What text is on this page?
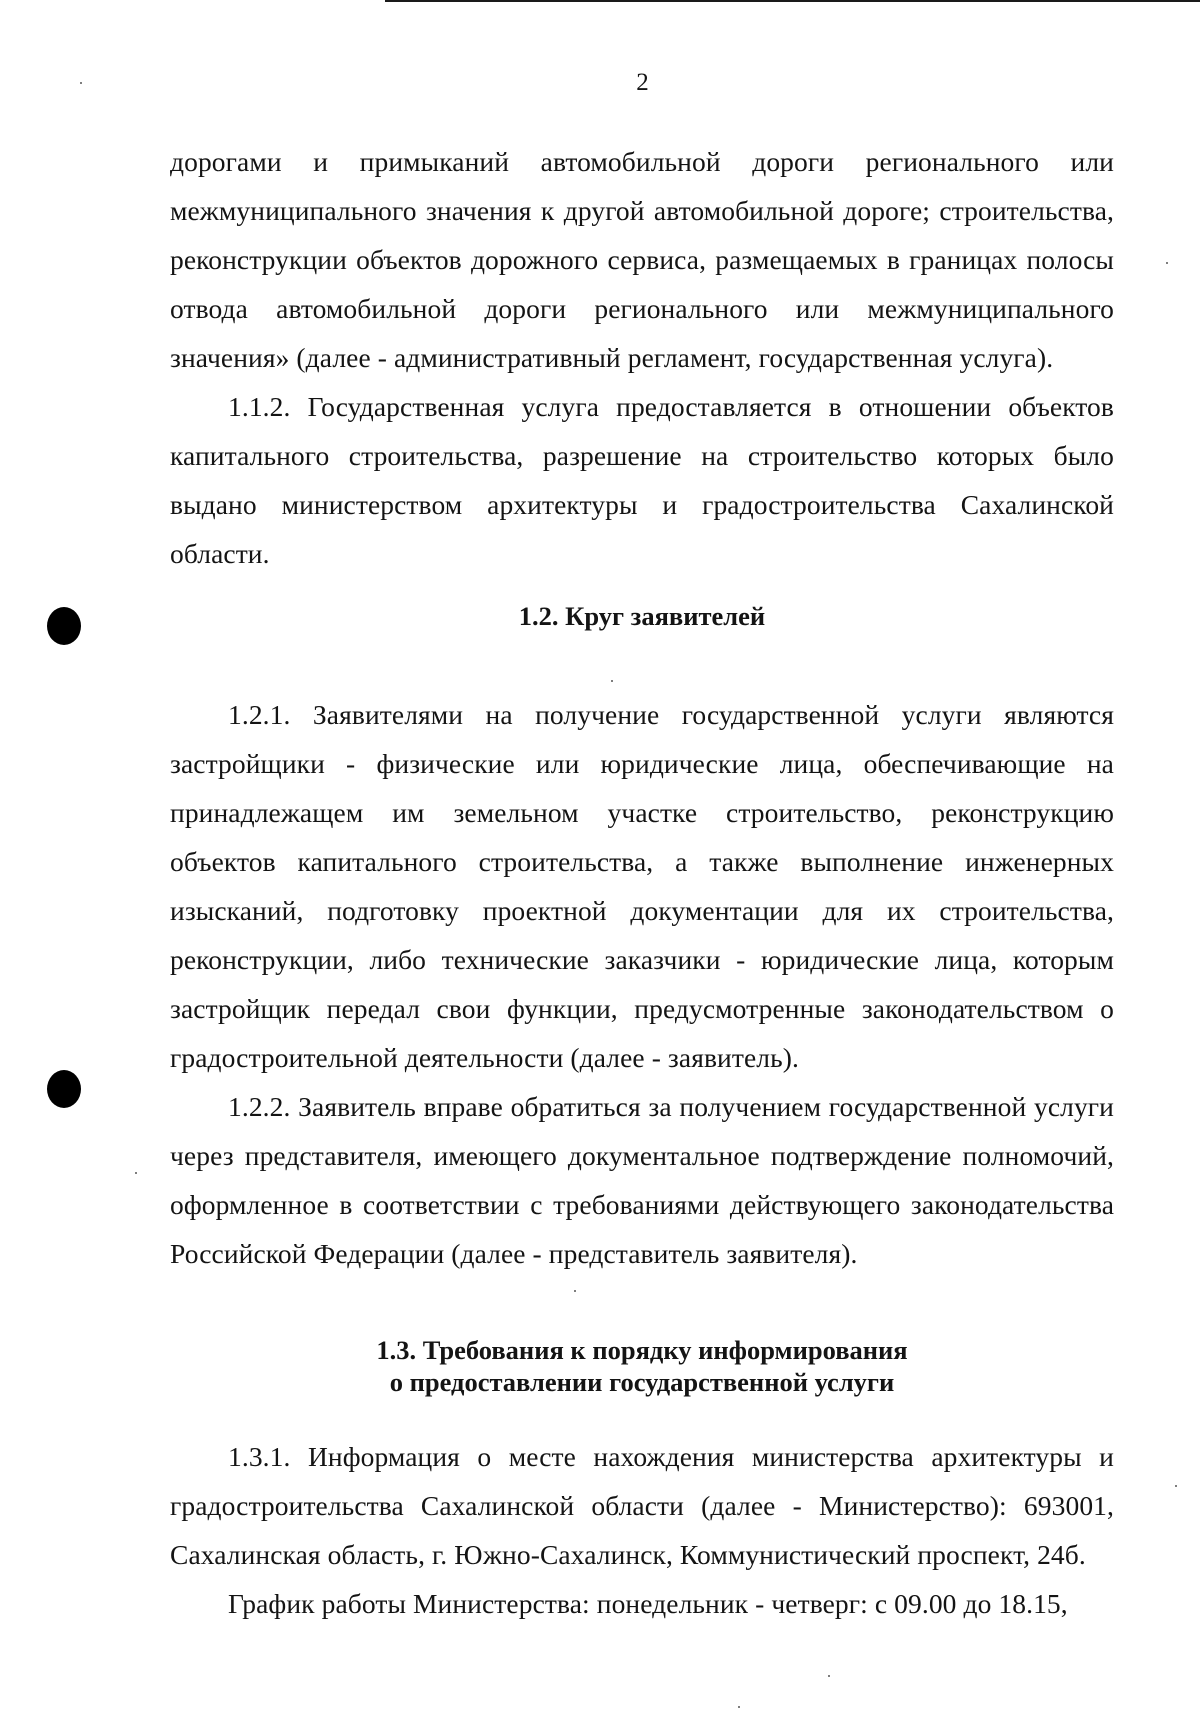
2

дорогами и примыканий автомобильной дороги регионального или межмуниципального значения к другой автомобильной дороге; строительства, реконструкции объектов дорожного сервиса, размещаемых в границах полосы отвода автомобильной дороги регионального или межмуниципального значения» (далее - административный регламент, государственная услуга).

1.1.2. Государственная услуга предоставляется в отношении объектов капитального строительства, разрешение на строительство которых было выдано министерством архитектуры и градостроительства Сахалинской области.

1.2. Круг заявителей

1.2.1. Заявителями на получение государственной услуги являются застройщики - физические или юридические лица, обеспечивающие на принадлежащем им земельном участке строительство, реконструкцию объектов капитального строительства, а также выполнение инженерных изысканий, подготовку проектной документации для их строительства, реконструкции, либо технические заказчики - юридические лица, которым застройщик передал свои функции, предусмотренные законодательством о градостроительной деятельности (далее - заявитель).

1.2.2. Заявитель вправе обратиться за получением государственной услуги через представителя, имеющего документальное подтверждение полномочий, оформленное в соответствии с требованиями действующего законодательства Российской Федерации (далее - представитель заявителя).

1.3. Требования к порядку информирования
о предоставлении государственной услуги

1.3.1. Информация о месте нахождения министерства архитектуры и градостроительства Сахалинской области (далее - Министерство): 693001, Сахалинская область, г. Южно-Сахалинск, Коммунистический проспект, 24б.

График работы Министерства: понедельник - четверг: с 09.00 до 18.15,
